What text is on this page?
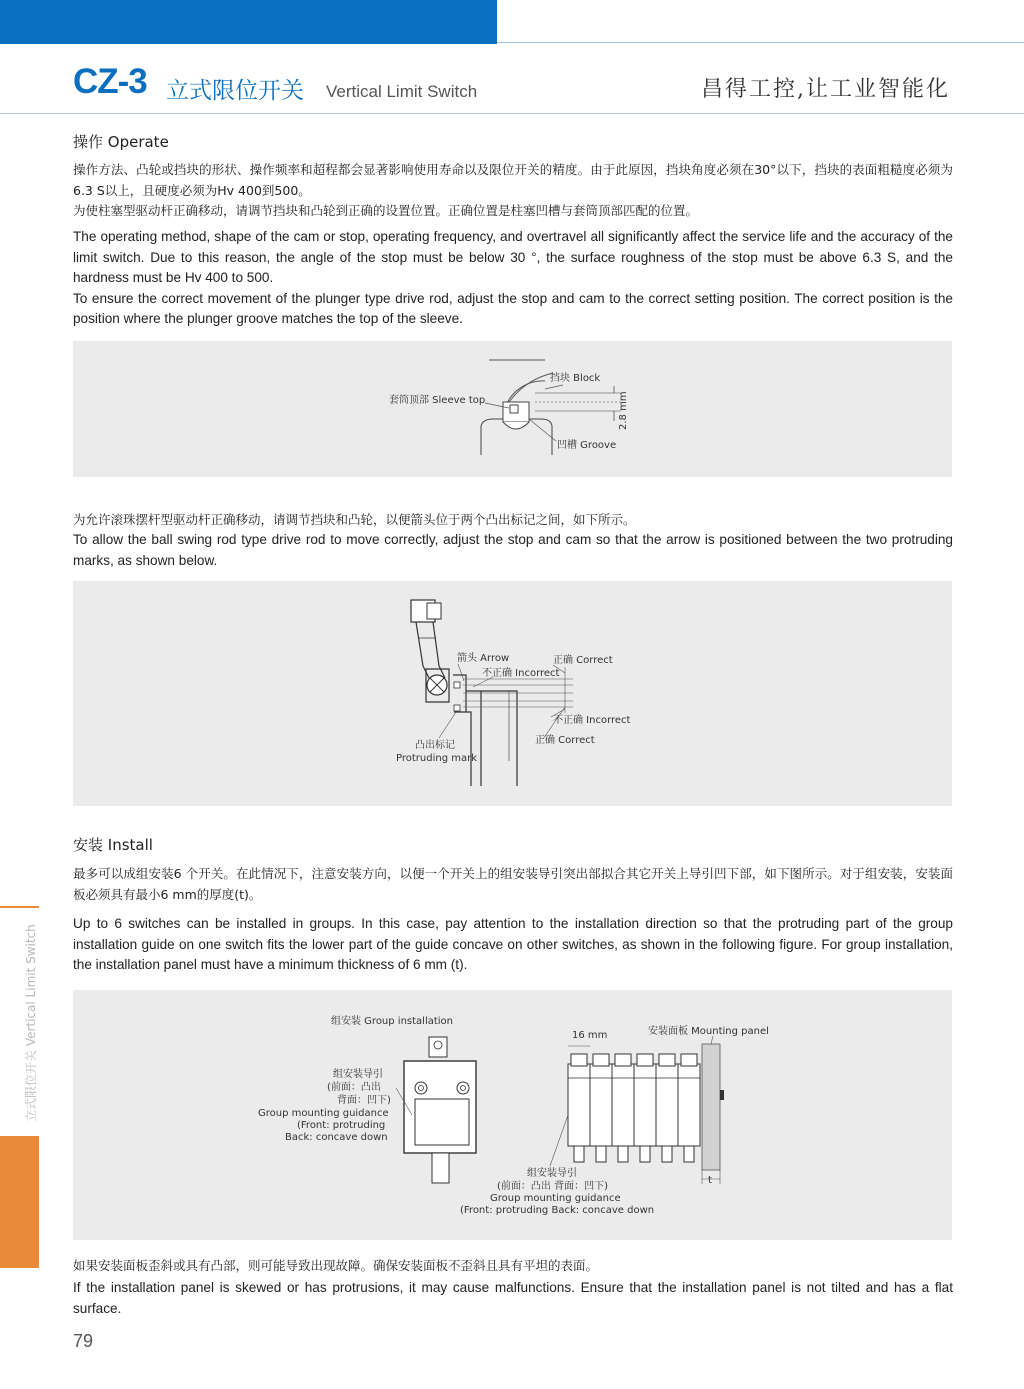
CZ-3 立式限位开关 Vertical Limit Switch	昌得工控,让工业智能化
立式限位开关 Vertical Limit Switch
操作 Operate
操作方法、凸轮或挡块的形状、操作频率和超程都会显著影响使用寿命以及限位开关的精度。由于此原因，挡块角度必须在30°以下，挡块的表面粗糙度必须为6.3 S以上，且硬度必须为Hv 400到500。
为使柱塞型驱动杆正确移动，请调节挡块和凸轮到正确的设置位置。正确位置是柱塞凹槽与套筒顶部匹配的位置。
The operating method, shape of the cam or stop, operating frequency, and overtravel all significantly affect the service life and the accuracy of the limit switch. Due to this reason, the angle of the stop must be below 30 °, the surface roughness of the stop must be above 6.3 S, and the hardness must be Hv 400 to 500.
To ensure the correct movement of the plunger type drive rod, adjust the stop and cam to the correct setting position. The correct position is the position where the plunger groove matches the top of the sleeve.
挡块 Block
套筒顶部 Sleeve top
凹槽 Groove
2.8 mm
为允许滚珠摆杆型驱动杆正确移动，请调节挡块和凸轮，以便箭头位于两个凸出标记之间，如下所示。
To allow the ball swing rod type drive rod to move correctly, adjust the stop and cam so that the arrow is positioned between the two protruding marks, as shown below.
箭头 Arrow
不正确 Incorrect
正确 Correct
不正确 Incorrect
正确 Correct
凸出标记
Protruding mark
安装 Install
最多可以成组安装6 个开关。在此情况下，注意安装方向，以便一个开关上的组安装导引突出部拟合其它开关上导引凹下部，如下图所示。对于组安装，安装面板必须具有最小6 mm的厚度(t)。
Up to 6 switches can be installed in groups. In this case, pay attention to the installation direction so that the protruding part of the group installation guide on one switch fits the lower part of the guide concave on other switches, as shown in the following figure. For group installation, the installation panel must have a minimum thickness of 6 mm (t).
组安装 Group installation
组安装导引
(前面：凸出
背面：凹下)
Group mounting guidance
(Front: protruding
Back: concave down
16 mm	安装面板 Mounting panel
t
组安装导引
(前面：凸出 背面：凹下)
Group mounting guidance
(Front: protruding Back: concave down
如果安装面板歪斜或具有凸部，则可能导致出现故障。确保安装面板不歪斜且具有平坦的表面。
If the installation panel is skewed or has protrusions, it may cause malfunctions. Ensure that the installation panel is not tilted and has a flat surface.
79
